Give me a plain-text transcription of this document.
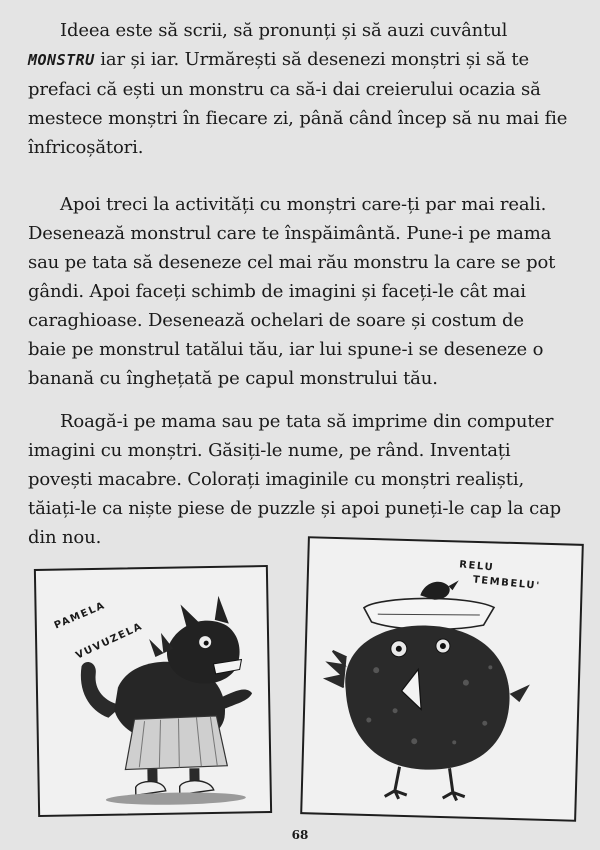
Ideea este să scrii, să pronunți și să auzi cuvântul
MONSTRU iar și iar. Urmărești să desenezi monștri și să te
prefaci că ești un monstru ca să-i dai creierului ocazia să
mestece monștri în fiecare zi, până când încep să nu mai fie
înfricoșători.
Apoi treci la activități cu monștri care-ți par mai reali.
Desenează monstrul care te înspăimântă. Pune-i pe mama
sau pe tata să deseneze cel mai rău monstru la care se pot
gândi. Apoi faceți schimb de imagini și faceți-le cât mai
caraghioase. Desenează ochelari de soare și costum de
baie pe monstrul tatălui tău, iar lui spune-i se deseneze o
banană cu înghețată pe capul monstrului tău.
Roagă-i pe mama sau pe tata să imprime din computer
imagini cu monștri. Găsiți-le nume, pe rând. Inventați
povești macabre. Colorați imaginile cu monștri realiști,
tăiați-le ca niște piese de puzzle și apoi puneți-le cap la cap
din nou.
PAMELA
VUVUZELA
RELU
TEMBELU'
68
